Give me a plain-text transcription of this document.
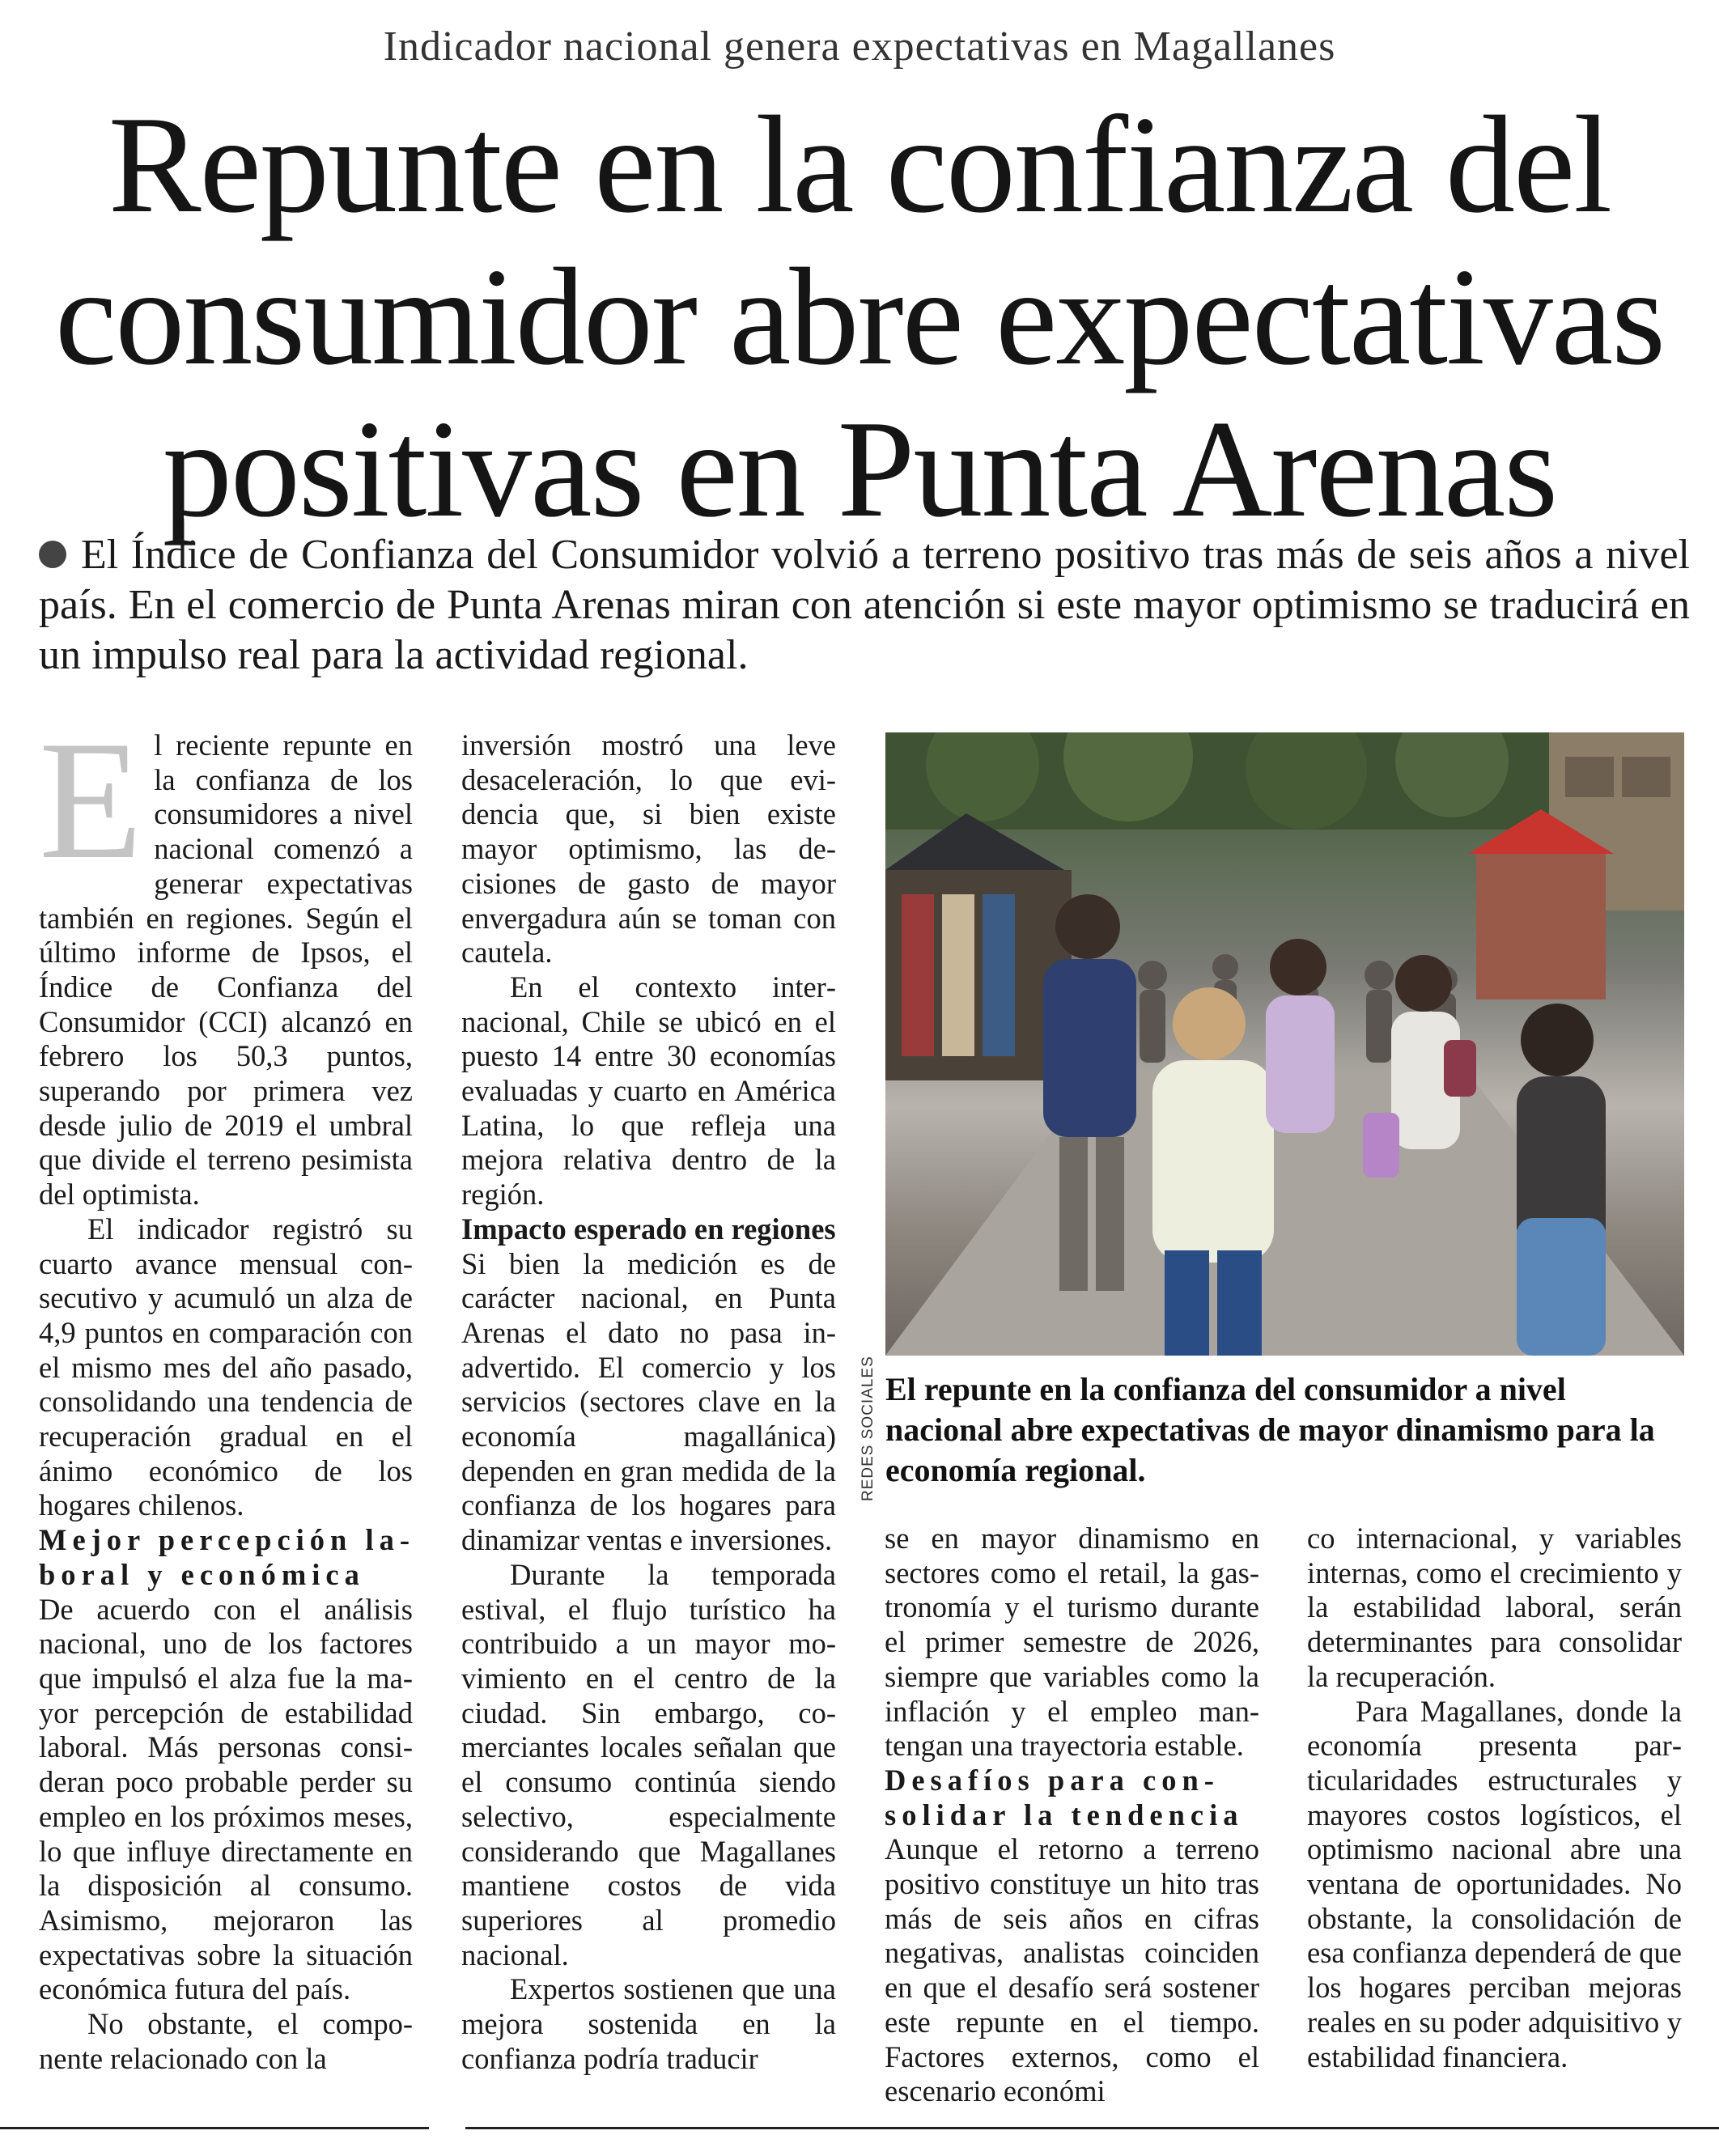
Indicador nacional genera expectativas en Magallanes
Repunte en la confianza del
consumidor abre expectativas
positivas en Punta Arenas

El Índice de Confianza del Consumidor volvió a terreno positivo tras más de seis años a nivel país. En el comercio de Punta Arenas miran con atención si este mayor optimismo se traducirá en un impulso real para la actividad regional.

E l reciente repunte en la confianza de los consumidores a nivel nacional comenzó a generar expectativas también en regiones. Según el último informe de Ipsos, el Índice de Confianza del Consumidor (CCI) alcanzó en febrero los 50,3 puntos, superando por primera vez desde julio de 2019 el umbral que divide el terreno pesimista del optimista.

El indicador registró su cuarto avance mensual consecutivo y acumuló un alza de 4,9 puntos en comparación con el mismo mes del año pasado, consolidando una tendencia de recuperación gradual en el ánimo económico de los hogares chilenos.

Mejor percepción laboral y económica

De acuerdo con el análisis nacional, uno de los factores que impulsó el alza fue la mayor percepción de estabilidad laboral. Más personas consideran poco probable perder su empleo en los próximos meses, lo que influye directamente en la disposición al consumo. Asimismo, mejoraron las expectativas sobre la situación económica futura del país.

No obstante, el componente relacionado con la

inversión mostró una leve desaceleración, lo que evidencia que, si bien existe mayor optimismo, las decisiones de gasto de mayor envergadura aún se toman con cautela.

En el contexto internacional, Chile se ubicó en el puesto 14 entre 30 economías evaluadas y cuarto en América Latina, lo que refleja una mejora relativa dentro de la región.

Impacto esperado en regiones

Si bien la medición es de carácter nacional, en Punta Arenas el dato no pasa inadvertido. El comercio y los servicios (sectores clave en la economía magallánica) dependen en gran medida de la confianza de los hogares para dinamizar ventas e inversiones.

Durante la temporada estival, el flujo turístico ha contribuido a un mayor movimiento en el centro de la ciudad. Sin embargo, comerciantes locales señalan que el consumo continúa siendo selectivo, especialmente considerando que Magallanes mantiene costos de vida superiores al promedio nacional.

Expertos sostienen que una mejora sostenida en la confianza podría traducir

REDES SOCIALES El repunte en la confianza del consumidor a nivel nacional abre expectativas de mayor dinamismo para la economía regional.

se en mayor dinamismo en sectores como el retail, la gastronomía y el turismo durante el primer semestre de 2026, siempre que variables como la inflación y el empleo mantengan una trayectoria estable.

Desafíos para consolidar la tendencia

Aunque el retorno a terreno positivo constituye un hito tras más de seis años en cifras negativas, analistas coinciden en que el desafío será sostener este repunte en el tiempo. Factores externos, como el escenario económi

co internacional, y variables internas, como el crecimiento y la estabilidad laboral, serán determinantes para consolidar la recuperación.

Para Magallanes, donde la economía presenta particularidades estructurales y mayores costos logísticos, el optimismo nacional abre una ventana de oportunidades. No obstante, la consolidación de esa confianza dependerá de que los hogares perciban mejoras reales en su poder adquisitivo y estabilidad financiera.
